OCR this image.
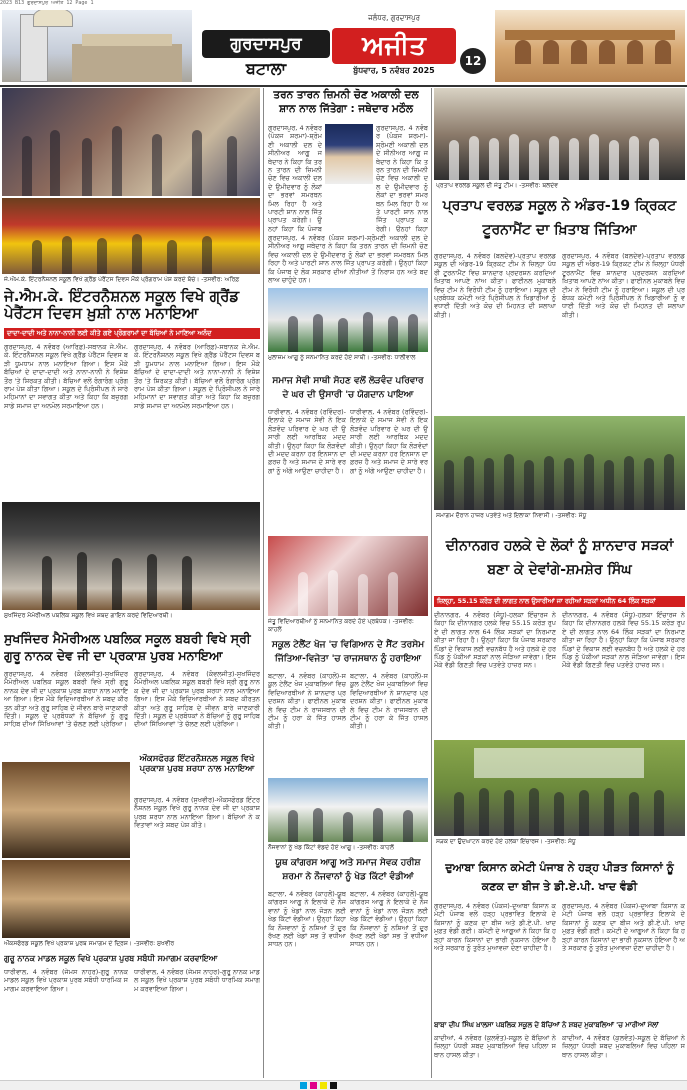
2023 B13 ਗੁਰਦਾਸਪੁਰ ਅਜੀਤ 12 Page 1
ਗੁਰਦਾਸਪੁਰ
ਬਟਾਲਾ
ਜਲੰਧਰ, ਗੁਰਦਾਸਪੁਰ
ਅਜੀਤ
ਬੁੱਧਵਾਰ, 5 ਨਵੰਬਰ 2025
12
ਜੇ.ਐਮ.ਕੇ. ਇੰਟਰਨੈਸ਼ਨਲ ਸਕੂਲ ਵਿਖੇ ਗ੍ਰੈਂਡ ਪੇਰੈਂਟਸ ਦਿਵਸ ਮੌਕੇ ਪ੍ਰੋਗਰਾਮ ਪੇਸ਼ ਕਰਦੇ ਬੱਚੇ। -ਤਸਵੀਰ: ਅਰਿਫ਼
ਜੇ.ਐਮ.ਕੇ. ਇੰਟਰਨੈਸ਼ਨਲ ਸਕੂਲ ਵਿਖੇ ਗ੍ਰੈਂਡ ਪੇਰੈਂਟਸ ਦਿਵਸ ਖ਼ੁਸ਼ੀ ਨਾਲ ਮਨਾਇਆ
ਦਾਦਾ-ਦਾਦੀ ਅਤੇ ਨਾਨਾ-ਨਾਨੀ ਲਈ ਕੀਤੇ ਗਏ ਪ੍ਰੋਗਰਾਮਾਂ ਦਾ ਬੱਚਿਆਂ ਨੇ ਮਾਣਿਆ ਅਨੰਦ
ਗੁਰਦਾਸਪੁਰ, 4 ਨਵੰਬਰ (ਆਰਿਫ਼)-ਸਥਾਨਕ ਜੇ.ਐਮ.ਕੇ. ਇੰਟਰਨੈਸ਼ਨਲ ਸਕੂਲ ਵਿਖੇ ਗ੍ਰੈਂਡ ਪੇਰੈਂਟਸ ਦਿਵਸ ਬੜੀ ਧੂਮਧਾਮ ਨਾਲ ਮਨਾਇਆ ਗਿਆ। ਇਸ ਮੌਕੇ ਬੱਚਿਆਂ ਦੇ ਦਾਦਾ-ਦਾਦੀ ਅਤੇ ਨਾਨਾ-ਨਾਨੀ ਨੇ ਵਿਸ਼ੇਸ਼ ਤੌਰ 'ਤੇ ਸ਼ਿਰਕਤ ਕੀਤੀ। ਬੱਚਿਆਂ ਵਲੋਂ ਰੰਗਾਰੰਗ ਪ੍ਰੋਗਰਾਮ ਪੇਸ਼ ਕੀਤਾ ਗਿਆ। ਸਕੂਲ ਦੇ ਪ੍ਰਿੰਸੀਪਲ ਨੇ ਸਾਰੇ ਮਹਿਮਾਨਾਂ ਦਾ ਸਵਾਗਤ ਕੀਤਾ ਅਤੇ ਕਿਹਾ ਕਿ ਬਜ਼ੁਰਗ ਸਾਡੇ ਸਮਾਜ ਦਾ ਅਨਮੋਲ ਸਰਮਾਇਆ ਹਨ।
ਗੁਰਦਾਸਪੁਰ, 4 ਨਵੰਬਰ (ਆਰਿਫ਼)-ਸਥਾਨਕ ਜੇ.ਐਮ.ਕੇ. ਇੰਟਰਨੈਸ਼ਨਲ ਸਕੂਲ ਵਿਖੇ ਗ੍ਰੈਂਡ ਪੇਰੈਂਟਸ ਦਿਵਸ ਬੜੀ ਧੂਮਧਾਮ ਨਾਲ ਮਨਾਇਆ ਗਿਆ। ਇਸ ਮੌਕੇ ਬੱਚਿਆਂ ਦੇ ਦਾਦਾ-ਦਾਦੀ ਅਤੇ ਨਾਨਾ-ਨਾਨੀ ਨੇ ਵਿਸ਼ੇਸ਼ ਤੌਰ 'ਤੇ ਸ਼ਿਰਕਤ ਕੀਤੀ। ਬੱਚਿਆਂ ਵਲੋਂ ਰੰਗਾਰੰਗ ਪ੍ਰੋਗਰਾਮ ਪੇਸ਼ ਕੀਤਾ ਗਿਆ। ਸਕੂਲ ਦੇ ਪ੍ਰਿੰਸੀਪਲ ਨੇ ਸਾਰੇ ਮਹਿਮਾਨਾਂ ਦਾ ਸਵਾਗਤ ਕੀਤਾ ਅਤੇ ਕਿਹਾ ਕਿ ਬਜ਼ੁਰਗ ਸਾਡੇ ਸਮਾਜ ਦਾ ਅਨਮੋਲ ਸਰਮਾਇਆ ਹਨ।
ਸੁਖਜਿੰਦਰ ਮੈਮੋਰੀਅਲ ਪਬਲਿਕ ਸਕੂਲ ਵਿਖੇ ਸ਼ਬਦ ਗਾਇਨ ਕਰਦੇ ਵਿਦਿਆਰਥੀ।
ਸੁਖਜਿੰਦਰ ਮੈਮੋਰੀਅਲ ਪਬਲਿਕ ਸਕੂਲ ਬਬਰੀ ਵਿਖੇ ਸ੍ਰੀ ਗੁਰੂ ਨਾਨਕ ਦੇਵ ਜੀ ਦਾ ਪ੍ਰਕਾਸ਼ ਪੁਰਬ ਮਨਾਇਆ
ਗੁਰਦਾਸਪੁਰ, 4 ਨਵੰਬਰ (ਕੰਵਲਜੀਤ)-ਸੁਖਜਿੰਦਰ ਮੈਮੋਰੀਅਲ ਪਬਲਿਕ ਸਕੂਲ ਬਬਰੀ ਵਿਖੇ ਸ੍ਰੀ ਗੁਰੂ ਨਾਨਕ ਦੇਵ ਜੀ ਦਾ ਪ੍ਰਕਾਸ਼ ਪੁਰਬ ਸ਼ਰਧਾ ਨਾਲ ਮਨਾਇਆ ਗਿਆ। ਇਸ ਮੌਕੇ ਵਿਦਿਆਰਥੀਆਂ ਨੇ ਸ਼ਬਦ ਕੀਰਤਨ ਕੀਤਾ ਅਤੇ ਗੁਰੂ ਸਾਹਿਬ ਦੇ ਜੀਵਨ ਬਾਰੇ ਜਾਣਕਾਰੀ ਦਿੱਤੀ। ਸਕੂਲ ਦੇ ਪ੍ਰਬੰਧਕਾਂ ਨੇ ਬੱਚਿਆਂ ਨੂੰ ਗੁਰੂ ਸਾਹਿਬ ਦੀਆਂ ਸਿੱਖਿਆਵਾਂ 'ਤੇ ਚੱਲਣ ਲਈ ਪ੍ਰੇਰਿਆ।
ਗੁਰਦਾਸਪੁਰ, 4 ਨਵੰਬਰ (ਕੰਵਲਜੀਤ)-ਸੁਖਜਿੰਦਰ ਮੈਮੋਰੀਅਲ ਪਬਲਿਕ ਸਕੂਲ ਬਬਰੀ ਵਿਖੇ ਸ੍ਰੀ ਗੁਰੂ ਨਾਨਕ ਦੇਵ ਜੀ ਦਾ ਪ੍ਰਕਾਸ਼ ਪੁਰਬ ਸ਼ਰਧਾ ਨਾਲ ਮਨਾਇਆ ਗਿਆ। ਇਸ ਮੌਕੇ ਵਿਦਿਆਰਥੀਆਂ ਨੇ ਸ਼ਬਦ ਕੀਰਤਨ ਕੀਤਾ ਅਤੇ ਗੁਰੂ ਸਾਹਿਬ ਦੇ ਜੀਵਨ ਬਾਰੇ ਜਾਣਕਾਰੀ ਦਿੱਤੀ। ਸਕੂਲ ਦੇ ਪ੍ਰਬੰਧਕਾਂ ਨੇ ਬੱਚਿਆਂ ਨੂੰ ਗੁਰੂ ਸਾਹਿਬ ਦੀਆਂ ਸਿੱਖਿਆਵਾਂ 'ਤੇ ਚੱਲਣ ਲਈ ਪ੍ਰੇਰਿਆ।
ਔਕਸਫੋਰਡ ਇੰਟਰਨੈਸ਼ਨਲ ਸਕੂਲ ਵਿਖੇ ਪ੍ਰਕਾਸ਼ ਪੁਰਬ ਸ਼ਰਧਾ ਨਾਲ ਮਨਾਇਆ
ਗੁਰਦਾਸਪੁਰ, 4 ਨਵੰਬਰ (ਸੁਖਵੀਰ)-ਔਕਸਫੋਰਡ ਇੰਟਰਨੈਸ਼ਨਲ ਸਕੂਲ ਵਿਖੇ ਗੁਰੂ ਨਾਨਕ ਦੇਵ ਜੀ ਦਾ ਪ੍ਰਕਾਸ਼ ਪੁਰਬ ਸ਼ਰਧਾ ਨਾਲ ਮਨਾਇਆ ਗਿਆ। ਬੱਚਿਆਂ ਨੇ ਕਵਿਤਾਵਾਂ ਅਤੇ ਸ਼ਬਦ ਪੇਸ਼ ਕੀਤੇ।
ਔਕਸਫੋਰਡ ਸਕੂਲ ਵਿਖੇ ਪ੍ਰਕਾਸ਼ ਪੁਰਬ ਸਮਾਗਮ ਦੇ ਦ੍ਰਿਸ਼। -ਤਸਵੀਰ: ਸੁਖਵੀਰ
ਗੁਰੂ ਨਾਨਕ ਮਾਡਲ ਸਕੂਲ ਵਿਖੇ ਪ੍ਰਕਾਸ਼ ਪੁਰਬ ਸਬੰਧੀ ਸਮਾਗਮ ਕਰਵਾਇਆ
ਧਾਰੀਵਾਲ, 4 ਨਵੰਬਰ (ਜੇਮਸ ਨਾਹਰ)-ਗੁਰੂ ਨਾਨਕ ਮਾਡਲ ਸਕੂਲ ਵਿਖੇ ਪ੍ਰਕਾਸ਼ ਪੁਰਬ ਸਬੰਧੀ ਧਾਰਮਿਕ ਸਮਾਗਮ ਕਰਵਾਇਆ ਗਿਆ।
ਧਾਰੀਵਾਲ, 4 ਨਵੰਬਰ (ਜੇਮਸ ਨਾਹਰ)-ਗੁਰੂ ਨਾਨਕ ਮਾਡਲ ਸਕੂਲ ਵਿਖੇ ਪ੍ਰਕਾਸ਼ ਪੁਰਬ ਸਬੰਧੀ ਧਾਰਮਿਕ ਸਮਾਗਮ ਕਰਵਾਇਆ ਗਿਆ।
ਤਰਨ ਤਾਰਨ ਜ਼ਿਮਨੀ ਚੋਣ ਅਕਾਲੀ ਦਲ ਸ਼ਾਨ ਨਾਲ ਜਿੱਤੇਗਾ : ਜਥੇਦਾਰ ਮਠੌਲ
ਗੁਰਦਾਸਪੁਰ, 4 ਨਵੰਬਰ (ਪੰਕਜ ਸ਼ਰਮਾ)-ਸ਼੍ਰੋਮਣੀ ਅਕਾਲੀ ਦਲ ਦੇ ਸੀਨੀਅਰ ਆਗੂ ਜਥੇਦਾਰ ਨੇ ਕਿਹਾ ਕਿ ਤਰਨ ਤਾਰਨ ਦੀ ਜ਼ਿਮਨੀ ਚੋਣ ਵਿਚ ਅਕਾਲੀ ਦਲ ਦੇ ਉਮੀਦਵਾਰ ਨੂੰ ਲੋਕਾਂ ਦਾ ਭਰਵਾਂ ਸਮਰਥਨ ਮਿਲ ਰਿਹਾ ਹੈ ਅਤੇ ਪਾਰਟੀ ਸ਼ਾਨ ਨਾਲ ਜਿੱਤ ਪ੍ਰਾਪਤ ਕਰੇਗੀ। ਉਨ੍ਹਾਂ ਕਿਹਾ ਕਿ ਪੰਜਾਬ
ਗੁਰਦਾਸਪੁਰ, 4 ਨਵੰਬਰ (ਪੰਕਜ ਸ਼ਰਮਾ)-ਸ਼੍ਰੋਮਣੀ ਅਕਾਲੀ ਦਲ ਦੇ ਸੀਨੀਅਰ ਆਗੂ ਜਥੇਦਾਰ ਨੇ ਕਿਹਾ ਕਿ ਤਰਨ ਤਾਰਨ ਦੀ ਜ਼ਿਮਨੀ ਚੋਣ ਵਿਚ ਅਕਾਲੀ ਦਲ ਦੇ ਉਮੀਦਵਾਰ ਨੂੰ ਲੋਕਾਂ ਦਾ ਭਰਵਾਂ ਸਮਰਥਨ ਮਿਲ ਰਿਹਾ ਹੈ ਅਤੇ ਪਾਰਟੀ ਸ਼ਾਨ ਨਾਲ ਜਿੱਤ ਪ੍ਰਾਪਤ ਕਰੇਗੀ। ਉਨ੍ਹਾਂ ਕਿਹਾ
ਗੁਰਦਾਸਪੁਰ, 4 ਨਵੰਬਰ (ਪੰਕਜ ਸ਼ਰਮਾ)-ਸ਼੍ਰੋਮਣੀ ਅਕਾਲੀ ਦਲ ਦੇ ਸੀਨੀਅਰ ਆਗੂ ਜਥੇਦਾਰ ਨੇ ਕਿਹਾ ਕਿ ਤਰਨ ਤਾਰਨ ਦੀ ਜ਼ਿਮਨੀ ਚੋਣ ਵਿਚ ਅਕਾਲੀ ਦਲ ਦੇ ਉਮੀਦਵਾਰ ਨੂੰ ਲੋਕਾਂ ਦਾ ਭਰਵਾਂ ਸਮਰਥਨ ਮਿਲ ਰਿਹਾ ਹੈ ਅਤੇ ਪਾਰਟੀ ਸ਼ਾਨ ਨਾਲ ਜਿੱਤ ਪ੍ਰਾਪਤ ਕਰੇਗੀ। ਉਨ੍ਹਾਂ ਕਿਹਾ ਕਿ ਪੰਜਾਬ ਦੇ ਲੋਕ ਸਰਕਾਰ ਦੀਆਂ ਨੀਤੀਆਂ ਤੋਂ ਨਿਰਾਸ਼ ਹਨ ਅਤੇ ਬਦਲਾਅ ਚਾਹੁੰਦੇ ਹਨ।
ਮੁਲਾਜ਼ਮ ਆਗੂ ਨੂੰ ਸਨਮਾਨਿਤ ਕਰਦੇ ਹੋਏ ਸਾਥੀ। -ਤਸਵੀਰ: ਧਾਲੀਵਾਲ
ਸਮਾਜ ਸੇਵੀ ਸਾਥੀ ਸੋਹਣ ਵਲੋਂ ਲੋੜਵੰਦ ਪਰਿਵਾਰ ਦੇ ਘਰ ਦੀ ਉਸਾਰੀ 'ਚ ਯੋਗਦਾਨ ਪਾਇਆ
ਧਾਰੀਵਾਲ, 4 ਨਵੰਬਰ (ਰਵਿੰਦਰ)-ਇਲਾਕੇ ਦੇ ਸਮਾਜ ਸੇਵੀ ਨੇ ਇਕ ਲੋੜਵੰਦ ਪਰਿਵਾਰ ਦੇ ਘਰ ਦੀ ਉਸਾਰੀ ਲਈ ਆਰਥਿਕ ਮਦਦ ਕੀਤੀ। ਉਨ੍ਹਾਂ ਕਿਹਾ ਕਿ ਲੋੜਵੰਦਾਂ ਦੀ ਮਦਦ ਕਰਨਾ ਹਰ ਇਨਸਾਨ ਦਾ ਫ਼ਰਜ਼ ਹੈ ਅਤੇ ਸਮਾਜ ਦੇ ਸਾਰੇ ਵਰਗਾਂ ਨੂੰ ਅੱਗੇ ਆਉਣਾ ਚਾਹੀਦਾ ਹੈ।
ਧਾਰੀਵਾਲ, 4 ਨਵੰਬਰ (ਰਵਿੰਦਰ)-ਇਲਾਕੇ ਦੇ ਸਮਾਜ ਸੇਵੀ ਨੇ ਇਕ ਲੋੜਵੰਦ ਪਰਿਵਾਰ ਦੇ ਘਰ ਦੀ ਉਸਾਰੀ ਲਈ ਆਰਥਿਕ ਮਦਦ ਕੀਤੀ। ਉਨ੍ਹਾਂ ਕਿਹਾ ਕਿ ਲੋੜਵੰਦਾਂ ਦੀ ਮਦਦ ਕਰਨਾ ਹਰ ਇਨਸਾਨ ਦਾ ਫ਼ਰਜ਼ ਹੈ ਅਤੇ ਸਮਾਜ ਦੇ ਸਾਰੇ ਵਰਗਾਂ ਨੂੰ ਅੱਗੇ ਆਉਣਾ ਚਾਹੀਦਾ ਹੈ।
ਜੇਤੂ ਵਿਦਿਆਰਥੀਆਂ ਨੂੰ ਸਨਮਾਨਿਤ ਕਰਦੇ ਹੋਏ ਪ੍ਰਬੰਧਕ। -ਤਸਵੀਰ: ਕਾਹਲੋਂ
ਸਕੂਲ ਟੇਲੈਂਟ ਖੋਜ 'ਚ ਵਿਗਿਆਨ ਦੇ ਸੈਂਟ ਤਰਸੇਮ ਜਿੱਤਿਆ-ਵਿਜੇਤਾ 'ਚ ਰਾਜਸਥਾਨ ਨੂੰ ਹਰਾਇਆ
ਬਟਾਲਾ, 4 ਨਵੰਬਰ (ਕਾਹਲੋਂ)-ਸਕੂਲ ਟੇਲੈਂਟ ਖੋਜ ਮੁਕਾਬਲਿਆਂ ਵਿਚ ਵਿਦਿਆਰਥੀਆਂ ਨੇ ਸ਼ਾਨਦਾਰ ਪ੍ਰਦਰਸ਼ਨ ਕੀਤਾ। ਫਾਈਨਲ ਮੁਕਾਬਲੇ ਵਿਚ ਟੀਮ ਨੇ ਰਾਜਸਥਾਨ ਦੀ ਟੀਮ ਨੂੰ ਹਰਾ ਕੇ ਜਿੱਤ ਹਾਸਲ ਕੀਤੀ।
ਬਟਾਲਾ, 4 ਨਵੰਬਰ (ਕਾਹਲੋਂ)-ਸਕੂਲ ਟੇਲੈਂਟ ਖੋਜ ਮੁਕਾਬਲਿਆਂ ਵਿਚ ਵਿਦਿਆਰਥੀਆਂ ਨੇ ਸ਼ਾਨਦਾਰ ਪ੍ਰਦਰਸ਼ਨ ਕੀਤਾ। ਫਾਈਨਲ ਮੁਕਾਬਲੇ ਵਿਚ ਟੀਮ ਨੇ ਰਾਜਸਥਾਨ ਦੀ ਟੀਮ ਨੂੰ ਹਰਾ ਕੇ ਜਿੱਤ ਹਾਸਲ ਕੀਤੀ।
ਨੌਜਵਾਨਾਂ ਨੂੰ ਖੇਡ ਕਿੱਟਾਂ ਵੰਡਦੇ ਹੋਏ ਆਗੂ। -ਤਸਵੀਰ: ਕਾਹਲੋਂ
ਯੂਥ ਕਾਂਗਰਸ ਆਗੂ ਅਤੇ ਸਮਾਜ ਸੇਵਕ ਹਰੀਸ਼ ਸ਼ਰਮਾ ਨੇ ਨੌਜਵਾਨਾਂ ਨੂੰ ਖੇਡ ਕਿੱਟਾਂ ਵੰਡੀਆਂ
ਬਟਾਲਾ, 4 ਨਵੰਬਰ (ਕਾਹਲੋਂ)-ਯੂਥ ਕਾਂਗਰਸ ਆਗੂ ਨੇ ਇਲਾਕੇ ਦੇ ਨੌਜਵਾਨਾਂ ਨੂੰ ਖੇਡਾਂ ਨਾਲ ਜੋੜਨ ਲਈ ਖੇਡ ਕਿੱਟਾਂ ਵੰਡੀਆਂ। ਉਨ੍ਹਾਂ ਕਿਹਾ ਕਿ ਨੌਜਵਾਨਾਂ ਨੂੰ ਨਸ਼ਿਆਂ ਤੋਂ ਦੂਰ ਰੱਖਣ ਲਈ ਖੇਡਾਂ ਸਭ ਤੋਂ ਵਧੀਆ ਸਾਧਨ ਹਨ।
ਬਟਾਲਾ, 4 ਨਵੰਬਰ (ਕਾਹਲੋਂ)-ਯੂਥ ਕਾਂਗਰਸ ਆਗੂ ਨੇ ਇਲਾਕੇ ਦੇ ਨੌਜਵਾਨਾਂ ਨੂੰ ਖੇਡਾਂ ਨਾਲ ਜੋੜਨ ਲਈ ਖੇਡ ਕਿੱਟਾਂ ਵੰਡੀਆਂ। ਉਨ੍ਹਾਂ ਕਿਹਾ ਕਿ ਨੌਜਵਾਨਾਂ ਨੂੰ ਨਸ਼ਿਆਂ ਤੋਂ ਦੂਰ ਰੱਖਣ ਲਈ ਖੇਡਾਂ ਸਭ ਤੋਂ ਵਧੀਆ ਸਾਧਨ ਹਨ।
ਪ੍ਰਤਾਪ ਵਰਲਡ ਸਕੂਲ ਦੀ ਜੇਤੂ ਟੀਮ। -ਤਸਵੀਰ: ਬਲਦੇਵ
ਪ੍ਰਤਾਪ ਵਰਲਡ ਸਕੂਲ ਨੇ ਅੰਡਰ-19 ਕ੍ਰਿਕਟ ਟੂਰਨਾਮੈਂਟ ਦਾ ਖ਼ਿਤਾਬ ਜਿੱਤਿਆ
ਗੁਰਦਾਸਪੁਰ, 4 ਨਵੰਬਰ (ਬਲਦੇਵ)-ਪ੍ਰਤਾਪ ਵਰਲਡ ਸਕੂਲ ਦੀ ਅੰਡਰ-19 ਕ੍ਰਿਕਟ ਟੀਮ ਨੇ ਜ਼ਿਲ੍ਹਾ ਪੱਧਰੀ ਟੂਰਨਾਮੈਂਟ ਵਿਚ ਸ਼ਾਨਦਾਰ ਪ੍ਰਦਰਸ਼ਨ ਕਰਦਿਆਂ ਖ਼ਿਤਾਬ ਆਪਣੇ ਨਾਂਅ ਕੀਤਾ। ਫਾਈਨਲ ਮੁਕਾਬਲੇ ਵਿਚ ਟੀਮ ਨੇ ਵਿਰੋਧੀ ਟੀਮ ਨੂੰ ਹਰਾਇਆ। ਸਕੂਲ ਦੀ ਪ੍ਰਬੰਧਕ ਕਮੇਟੀ ਅਤੇ ਪ੍ਰਿੰਸੀਪਲ ਨੇ ਖਿਡਾਰੀਆਂ ਨੂੰ ਵਧਾਈ ਦਿੱਤੀ ਅਤੇ ਕੋਚ ਦੀ ਮਿਹਨਤ ਦੀ ਸ਼ਲਾਘਾ ਕੀਤੀ।
ਗੁਰਦਾਸਪੁਰ, 4 ਨਵੰਬਰ (ਬਲਦੇਵ)-ਪ੍ਰਤਾਪ ਵਰਲਡ ਸਕੂਲ ਦੀ ਅੰਡਰ-19 ਕ੍ਰਿਕਟ ਟੀਮ ਨੇ ਜ਼ਿਲ੍ਹਾ ਪੱਧਰੀ ਟੂਰਨਾਮੈਂਟ ਵਿਚ ਸ਼ਾਨਦਾਰ ਪ੍ਰਦਰਸ਼ਨ ਕਰਦਿਆਂ ਖ਼ਿਤਾਬ ਆਪਣੇ ਨਾਂਅ ਕੀਤਾ। ਫਾਈਨਲ ਮੁਕਾਬਲੇ ਵਿਚ ਟੀਮ ਨੇ ਵਿਰੋਧੀ ਟੀਮ ਨੂੰ ਹਰਾਇਆ। ਸਕੂਲ ਦੀ ਪ੍ਰਬੰਧਕ ਕਮੇਟੀ ਅਤੇ ਪ੍ਰਿੰਸੀਪਲ ਨੇ ਖਿਡਾਰੀਆਂ ਨੂੰ ਵਧਾਈ ਦਿੱਤੀ ਅਤੇ ਕੋਚ ਦੀ ਮਿਹਨਤ ਦੀ ਸ਼ਲਾਘਾ ਕੀਤੀ।
ਸਮਾਗਮ ਦੌਰਾਨ ਹਾਜ਼ਰ ਪਤਵੰਤੇ ਅਤੇ ਇਲਾਕਾ ਨਿਵਾਸੀ। -ਤਸਵੀਰ: ਸੰਧੂ
ਦੀਨਾਨਗਰ ਹਲਕੇ ਦੇ ਲੋਕਾਂ ਨੂੰ ਸ਼ਾਨਦਾਰ ਸੜਕਾਂ ਬਣਾ ਕੇ ਦੇਵਾਂਗੇ-ਸ਼ਮਸ਼ੇਰ ਸਿੰਘ
ਜ਼ਿਲ੍ਹਾ, 55.15 ਕਰੋੜ ਦੀ ਲਾਗਤ ਨਾਲ ਉਸਾਰੀਆਂ ਜਾ ਰਹੀਆਂ ਸੜਕਾਂ ਅਧੀਨ 64 ਲਿੰਕ ਸੜਕਾਂ
ਦੀਨਾਨਗਰ, 4 ਨਵੰਬਰ (ਸੰਧੂ)-ਹਲਕਾ ਇੰਚਾਰਜ ਨੇ ਕਿਹਾ ਕਿ ਦੀਨਾਨਗਰ ਹਲਕੇ ਵਿਚ 55.15 ਕਰੋੜ ਰੁਪਏ ਦੀ ਲਾਗਤ ਨਾਲ 64 ਲਿੰਕ ਸੜਕਾਂ ਦਾ ਨਿਰਮਾਣ ਕੀਤਾ ਜਾ ਰਿਹਾ ਹੈ। ਉਨ੍ਹਾਂ ਕਿਹਾ ਕਿ ਪੰਜਾਬ ਸਰਕਾਰ ਪਿੰਡਾਂ ਦੇ ਵਿਕਾਸ ਲਈ ਵਚਨਬੱਧ ਹੈ ਅਤੇ ਹਲਕੇ ਦੇ ਹਰ ਪਿੰਡ ਨੂੰ ਪੱਕੀਆਂ ਸੜਕਾਂ ਨਾਲ ਜੋੜਿਆ ਜਾਵੇਗਾ। ਇਸ ਮੌਕੇ ਵੱਡੀ ਗਿਣਤੀ ਵਿਚ ਪਤਵੰਤੇ ਹਾਜ਼ਰ ਸਨ।
ਦੀਨਾਨਗਰ, 4 ਨਵੰਬਰ (ਸੰਧੂ)-ਹਲਕਾ ਇੰਚਾਰਜ ਨੇ ਕਿਹਾ ਕਿ ਦੀਨਾਨਗਰ ਹਲਕੇ ਵਿਚ 55.15 ਕਰੋੜ ਰੁਪਏ ਦੀ ਲਾਗਤ ਨਾਲ 64 ਲਿੰਕ ਸੜਕਾਂ ਦਾ ਨਿਰਮਾਣ ਕੀਤਾ ਜਾ ਰਿਹਾ ਹੈ। ਉਨ੍ਹਾਂ ਕਿਹਾ ਕਿ ਪੰਜਾਬ ਸਰਕਾਰ ਪਿੰਡਾਂ ਦੇ ਵਿਕਾਸ ਲਈ ਵਚਨਬੱਧ ਹੈ ਅਤੇ ਹਲਕੇ ਦੇ ਹਰ ਪਿੰਡ ਨੂੰ ਪੱਕੀਆਂ ਸੜਕਾਂ ਨਾਲ ਜੋੜਿਆ ਜਾਵੇਗਾ। ਇਸ ਮੌਕੇ ਵੱਡੀ ਗਿਣਤੀ ਵਿਚ ਪਤਵੰਤੇ ਹਾਜ਼ਰ ਸਨ।
ਸੜਕ ਦਾ ਉਦਘਾਟਨ ਕਰਦੇ ਹੋਏ ਹਲਕਾ ਇੰਚਾਰਜ। -ਤਸਵੀਰ: ਸੰਧੂ
ਦੁਆਬਾ ਕਿਸਾਨ ਕਮੇਟੀ ਪੰਜਾਬ ਨੇ ਹੜ੍ਹ ਪੀੜਤ ਕਿਸਾਨਾਂ ਨੂੰ ਕਣਕ ਦਾ ਬੀਜ ਤੇ ਡੀ.ਏ.ਪੀ. ਖਾਦ ਵੰਡੀ
ਗੁਰਦਾਸਪੁਰ, 4 ਨਵੰਬਰ (ਪੰਕਜ)-ਦੁਆਬਾ ਕਿਸਾਨ ਕਮੇਟੀ ਪੰਜਾਬ ਵਲੋਂ ਹੜ੍ਹ ਪ੍ਰਭਾਵਿਤ ਇਲਾਕੇ ਦੇ ਕਿਸਾਨਾਂ ਨੂੰ ਕਣਕ ਦਾ ਬੀਜ ਅਤੇ ਡੀ.ਏ.ਪੀ. ਖਾਦ ਮੁਫ਼ਤ ਵੰਡੀ ਗਈ। ਕਮੇਟੀ ਦੇ ਆਗੂਆਂ ਨੇ ਕਿਹਾ ਕਿ ਹੜ੍ਹਾਂ ਕਾਰਨ ਕਿਸਾਨਾਂ ਦਾ ਭਾਰੀ ਨੁਕਸਾਨ ਹੋਇਆ ਹੈ ਅਤੇ ਸਰਕਾਰ ਨੂੰ ਤੁਰੰਤ ਮੁਆਵਜ਼ਾ ਦੇਣਾ ਚਾਹੀਦਾ ਹੈ।
ਗੁਰਦਾਸਪੁਰ, 4 ਨਵੰਬਰ (ਪੰਕਜ)-ਦੁਆਬਾ ਕਿਸਾਨ ਕਮੇਟੀ ਪੰਜਾਬ ਵਲੋਂ ਹੜ੍ਹ ਪ੍ਰਭਾਵਿਤ ਇਲਾਕੇ ਦੇ ਕਿਸਾਨਾਂ ਨੂੰ ਕਣਕ ਦਾ ਬੀਜ ਅਤੇ ਡੀ.ਏ.ਪੀ. ਖਾਦ ਮੁਫ਼ਤ ਵੰਡੀ ਗਈ। ਕਮੇਟੀ ਦੇ ਆਗੂਆਂ ਨੇ ਕਿਹਾ ਕਿ ਹੜ੍ਹਾਂ ਕਾਰਨ ਕਿਸਾਨਾਂ ਦਾ ਭਾਰੀ ਨੁਕਸਾਨ ਹੋਇਆ ਹੈ ਅਤੇ ਸਰਕਾਰ ਨੂੰ ਤੁਰੰਤ ਮੁਆਵਜ਼ਾ ਦੇਣਾ ਚਾਹੀਦਾ ਹੈ।
ਬਾਬਾ ਦੀਪ ਸਿੰਘ ਖ਼ਾਲਸਾ ਪਬਲਿਕ ਸਕੂਲ ਦੇ ਬੱਚਿਆਂ ਨੇ ਸ਼ਬਦ ਮੁਕਾਬਲਿਆਂ 'ਚ ਮਾਰੀਆਂ ਮੱਲਾਂ
ਕਾਦੀਆਂ, 4 ਨਵੰਬਰ (ਕੁਲਵੰਤ)-ਸਕੂਲ ਦੇ ਬੱਚਿਆਂ ਨੇ ਜ਼ਿਲ੍ਹਾ ਪੱਧਰੀ ਸ਼ਬਦ ਮੁਕਾਬਲਿਆਂ ਵਿਚ ਪਹਿਲਾ ਸਥਾਨ ਹਾਸਲ ਕੀਤਾ।
ਕਾਦੀਆਂ, 4 ਨਵੰਬਰ (ਕੁਲਵੰਤ)-ਸਕੂਲ ਦੇ ਬੱਚਿਆਂ ਨੇ ਜ਼ਿਲ੍ਹਾ ਪੱਧਰੀ ਸ਼ਬਦ ਮੁਕਾਬਲਿਆਂ ਵਿਚ ਪਹਿਲਾ ਸਥਾਨ ਹਾਸਲ ਕੀਤਾ।
